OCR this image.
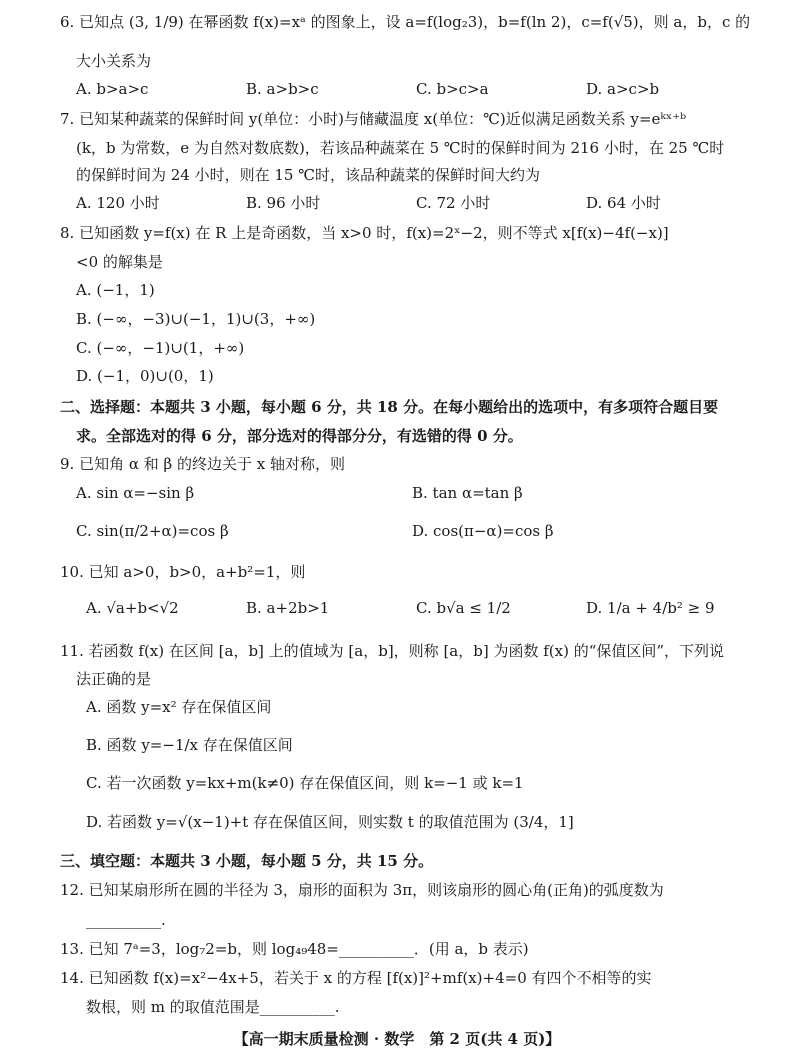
6. 已知点 (3, 1/9) 在幂函数 f(x)=xᵃ 的图象上，设 a=f(log₂3)，b=f(ln 2)，c=f(√5)，则 a，b，c 的
大小关系为
A. b>a>c	B. a>b>c	C. b>c>a	D. a>c>b
7. 已知某种蔬菜的保鲜时间 y(单位：小时)与储藏温度 x(单位：℃)近似满足函数关系 y=eᵏˣ⁺ᵇ
(k，b 为常数，e 为自然对数底数)，若该品种蔬菜在 5 ℃时的保鲜时间为 216 小时，在 25 ℃时
的保鲜时间为 24 小时，则在 15 ℃时，该品种蔬菜的保鲜时间大约为
A. 120 小时	B. 96 小时	C. 72 小时	D. 64 小时
8. 已知函数 y=f(x) 在 R 上是奇函数，当 x>0 时，f(x)=2ˣ−2，则不等式 x[f(x)−4f(−x)]
<0 的解集是
A. (−1，1)
B. (−∞，−3)∪(−1，1)∪(3，+∞)
C. (−∞，−1)∪(1，+∞)
D. (−1，0)∪(0，1)
二、选择题：本题共 3 小题，每小题 6 分，共 18 分。在每小题给出的选项中，有多项符合题目要
求。全部选对的得 6 分，部分选对的得部分分，有选错的得 0 分。
9. 已知角 α 和 β 的终边关于 x 轴对称，则
A. sin α=−sin β	B. tan α=tan β
C. sin(π/2+α)=cos β	D. cos(π−α)=cos β
10. 已知 a>0，b>0，a+b²=1，则
A. √a+b<√2	B. a+2b>1	C. b√a ≤ 1/2	D. 1/a + 4/b² ≥ 9
11. 若函数 f(x) 在区间 [a，b] 上的值域为 [a，b]，则称 [a，b] 为函数 f(x) 的“保值区间”，下列说
法正确的是
A. 函数 y=x² 存在保值区间
B. 函数 y=−1/x 存在保值区间
C. 若一次函数 y=kx+m(k≠0) 存在保值区间，则 k=−1 或 k=1
D. 若函数 y=√(x−1)+t 存在保值区间，则实数 t 的取值范围为 (3/4，1]
三、填空题：本题共 3 小题，每小题 5 分，共 15 分。
12. 已知某扇形所在圆的半径为 3，扇形的面积为 3π，则该扇形的圆心角(正角)的弧度数为
__________.
13. 已知 7ᵃ=3，log₇2=b，则 log₄₉48=__________．(用 a，b 表示)
14. 已知函数 f(x)=x²−4x+5，若关于 x 的方程 [f(x)]²+mf(x)+4=0 有四个不相等的实
数根，则 m 的取值范围是__________.
【高一期末质量检测 · 数学　第 2 页(共 4 页)】
